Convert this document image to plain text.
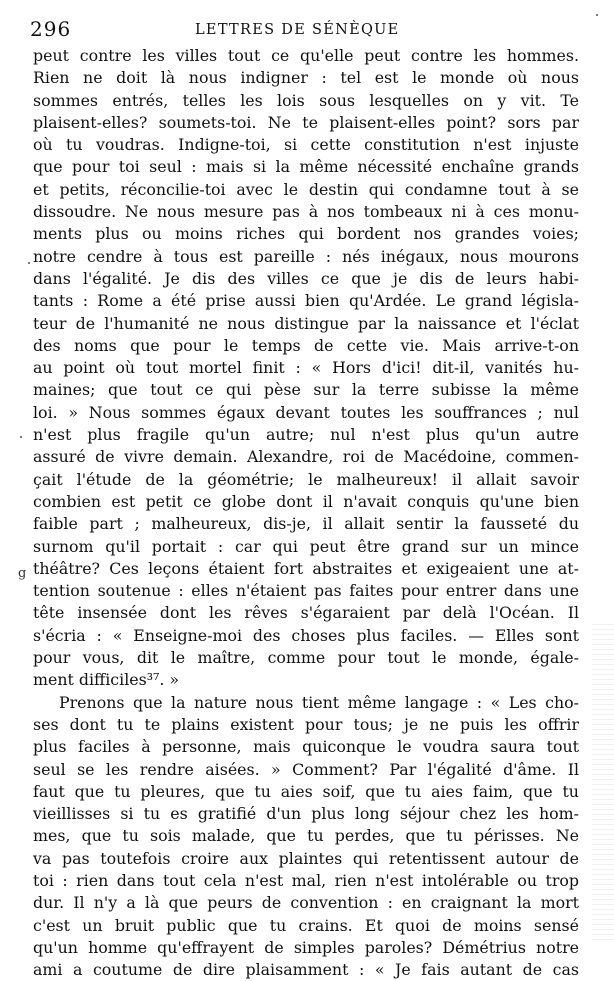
296	LETTRES DE SÉNÈQUE
peut contre les villes tout ce qu'elle peut contre les hommes.
Rien ne doit là nous indigner : tel est le monde où nous
sommes entrés, telles les lois sous lesquelles on y vit. Te
plaisent-elles? soumets-toi. Ne te plaisent-elles point? sors par
où tu voudras. Indigne-toi, si cette constitution n'est injuste
que pour toi seul : mais si la même nécessité enchaîne grands
et petits, réconcilie-toi avec le destin qui condamne tout à se
dissoudre. Ne nous mesure pas à nos tombeaux ni à ces monu-
ments plus ou moins riches qui bordent nos grandes voies;
notre cendre à tous est pareille : nés inégaux, nous mourons
dans l'égalité. Je dis des villes ce que je dis de leurs habi-
tants : Rome a été prise aussi bien qu'Ardée. Le grand législa-
teur de l'humanité ne nous distingue par la naissance et l'éclat
des noms que pour le temps de cette vie. Mais arrive-t-on
au point où tout mortel finit : « Hors d'ici! dit-il, vanités hu-
maines; que tout ce qui pèse sur la terre subisse la même
loi. » Nous sommes égaux devant toutes les souffrances ; nul
n'est plus fragile qu'un autre; nul n'est plus qu'un autre
assuré de vivre demain. Alexandre, roi de Macédoine, commen-
çait l'étude de la géométrie; le malheureux! il allait savoir
combien est petit ce globe dont il n'avait conquis qu'une bien
faible part ; malheureux, dis-je, il allait sentir la fausseté du
surnom qu'il portait : car qui peut être grand sur un mince
théâtre? Ces leçons étaient fort abstraites et exigeaient une at-
tention soutenue : elles n'étaient pas faites pour entrer dans une
tête insensée dont les rêves s'égaraient par delà l'Océan. Il
s'écria : « Enseigne-moi des choses plus faciles. — Elles sont
pour vous, dit le maître, comme pour tout le monde, égale-
ment difficiles³⁷. »
Prenons que la nature nous tient même langage : « Les cho-
ses dont tu te plains existent pour tous; je ne puis les offrir
plus faciles à personne, mais quiconque le voudra saura tout
seul se les rendre aisées. » Comment? Par l'égalité d'âme. Il
faut que tu pleures, que tu aies soif, que tu aies faim, que tu
vieillisses si tu es gratifié d'un plus long séjour chez les hom-
mes, que tu sois malade, que tu perdes, que tu périsses. Ne
va pas toutefois croire aux plaintes qui retentissent autour de
toi : rien dans tout cela n'est mal, rien n'est intolérable ou trop
dur. Il n'y a là que peurs de convention : en craignant la mort
c'est un bruit public que tu crains. Et quoi de moins sensé
qu'un homme qu'effrayent de simples paroles? Démétrius notre
ami a coutume de dire plaisamment : « Je fais autant de cas
g
